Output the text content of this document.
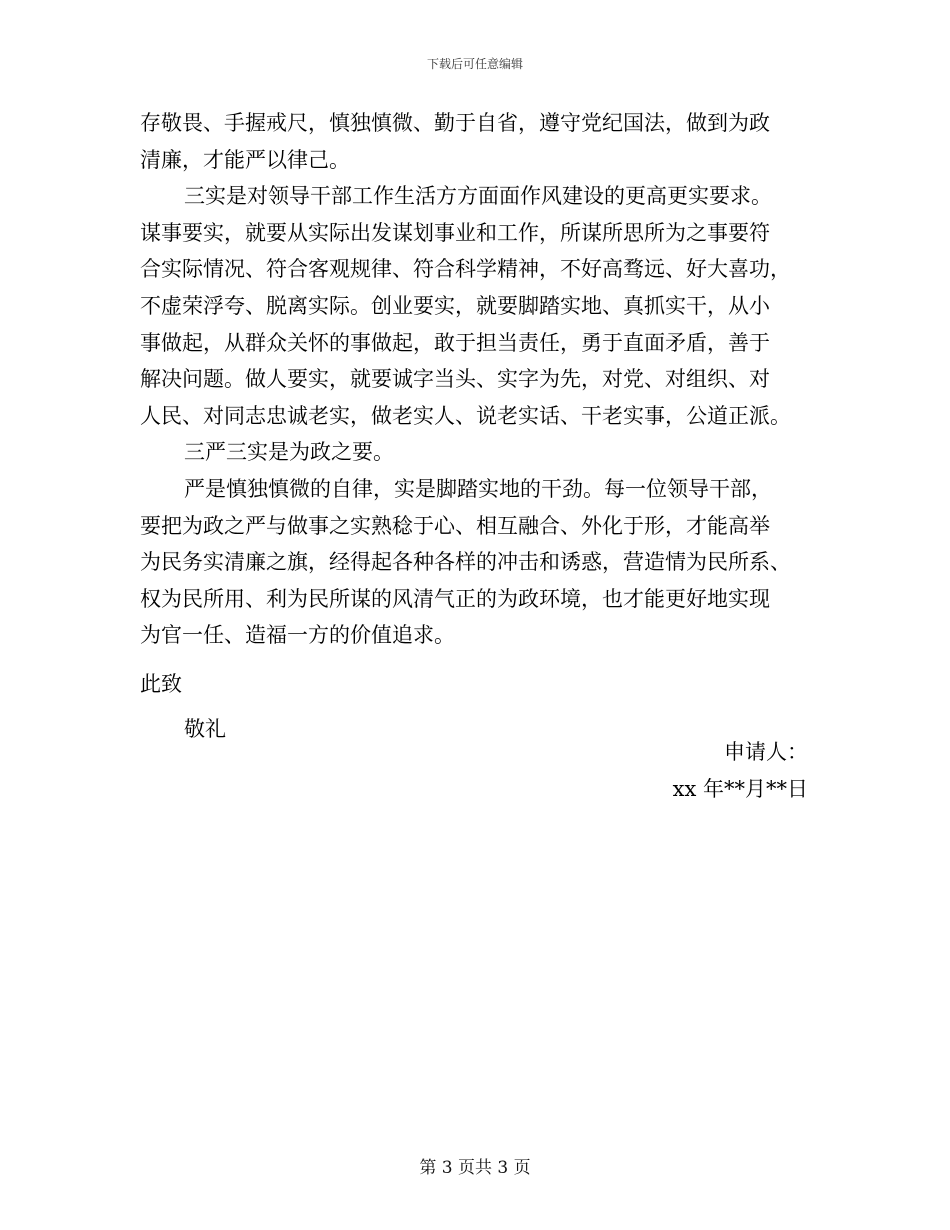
下载后可任意编辑
存敬畏、手握戒尺，慎独慎微、勤于自省，遵守党纪国法，做到为政
清廉，才能严以律己。
三实是对领导干部工作生活方方面面作风建设的更高更实要求。
谋事要实，就要从实际出发谋划事业和工作，所谋所思所为之事要符
合实际情况、符合客观规律、符合科学精神，不好高骛远、好大喜功，
不虚荣浮夸、脱离实际。创业要实，就要脚踏实地、真抓实干，从小
事做起，从群众关怀的事做起，敢于担当责任，勇于直面矛盾，善于
解决问题。做人要实，就要诚字当头、实字为先，对党、对组织、对
人民、对同志忠诚老实，做老实人、说老实话、干老实事，公道正派。
三严三实是为政之要。
严是慎独慎微的自律，实是脚踏实地的干劲。每一位领导干部，
要把为政之严与做事之实熟稔于心、相互融合、外化于形，才能高举
为民务实清廉之旗，经得起各种各样的冲击和诱惑，营造情为民所系、
权为民所用、利为民所谋的风清气正的为政环境，也才能更好地实现
为官一任、造福一方的价值追求。
此致
敬礼
申请人：
xx 年**月**日
第 3 页共 3 页
